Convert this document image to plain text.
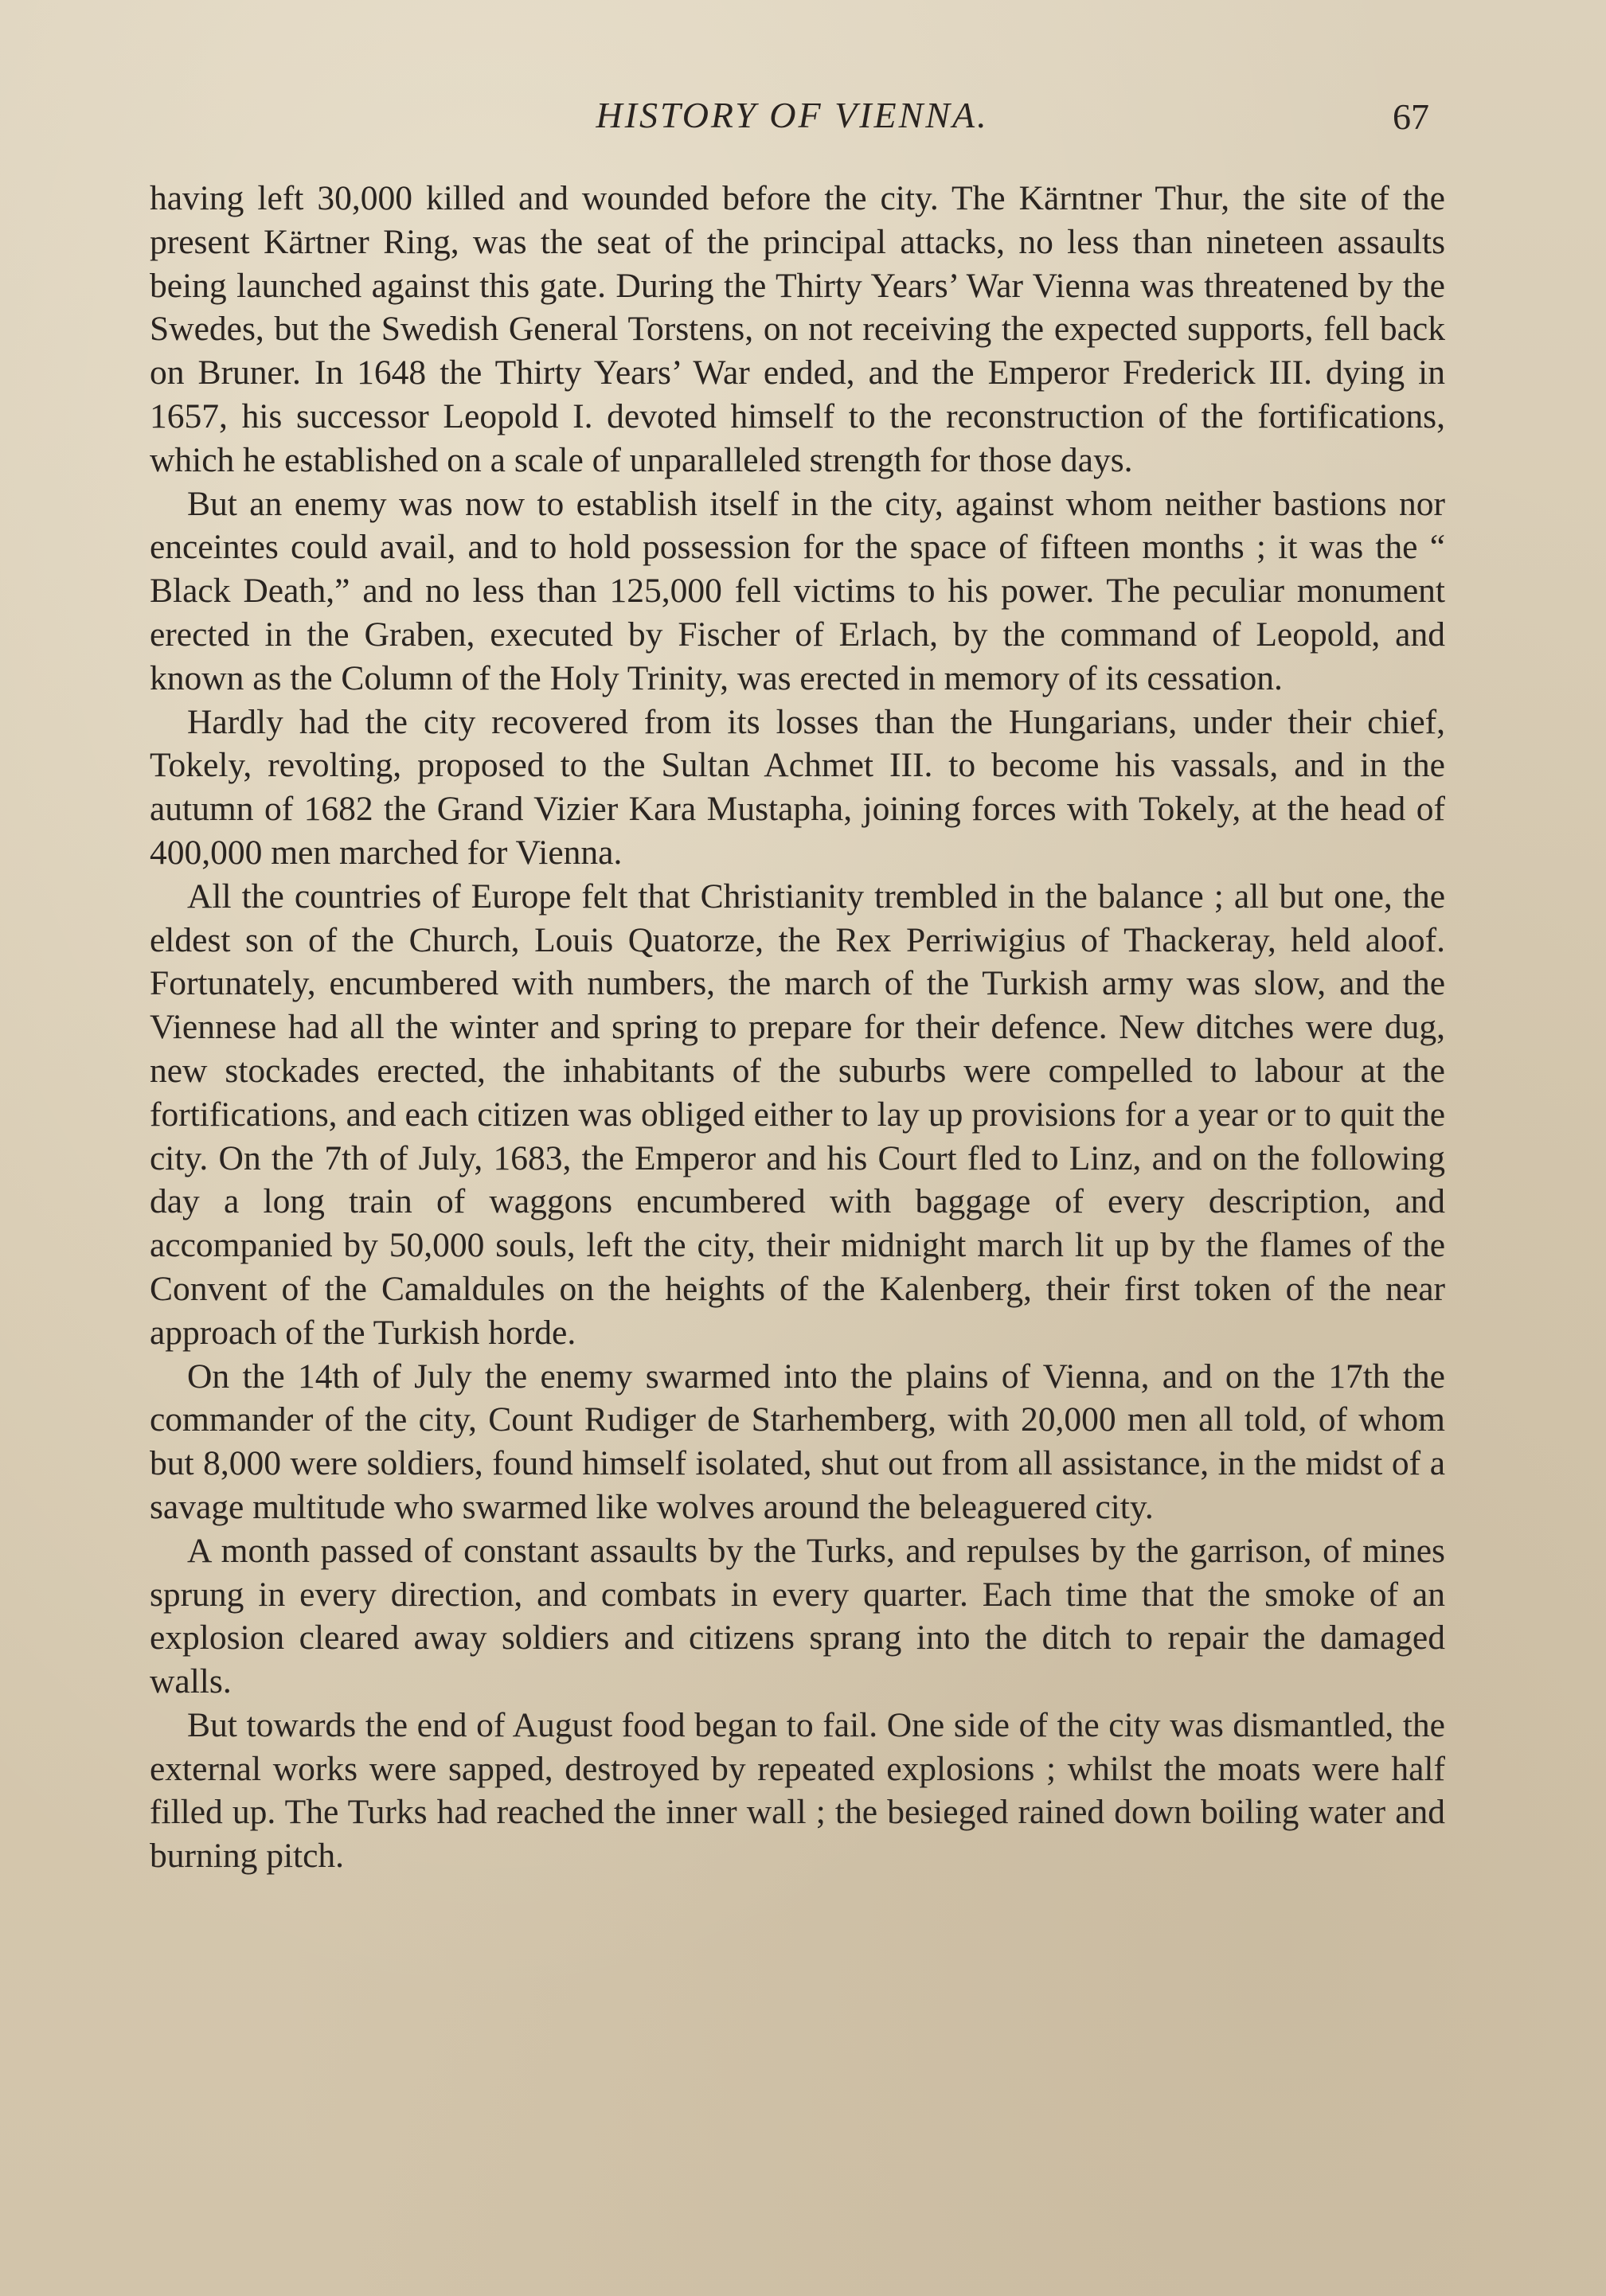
HISTORY OF VIENNA.	67

having left 30,000 killed and wounded before the city. The Kärntner Thur, the site of the present Kärtner Ring, was the seat of the principal attacks, no less than nineteen assaults being launched against this gate. During the Thirty Years’ War Vienna was threatened by the Swedes, but the Swedish General Torstens, on not receiving the expected supports, fell back on Bruner. In 1648 the Thirty Years’ War ended, and the Emperor Frederick III. dying in 1657, his successor Leopold I. devoted himself to the reconstruction of the fortifications, which he established on a scale of unparalleled strength for those days.

But an enemy was now to establish itself in the city, against whom neither bastions nor enceintes could avail, and to hold possession for the space of fifteen months ; it was the “ Black Death,” and no less than 125,000 fell victims to his power. The peculiar monument erected in the Graben, executed by Fischer of Erlach, by the command of Leopold, and known as the Column of the Holy Trinity, was erected in memory of its cessation.

Hardly had the city recovered from its losses than the Hungarians, under their chief, Tokely, revolting, proposed to the Sultan Achmet III. to become his vassals, and in the autumn of 1682 the Grand Vizier Kara Mustapha, joining forces with Tokely, at the head of 400,000 men marched for Vienna.

All the countries of Europe felt that Christianity trembled in the balance ; all but one, the eldest son of the Church, Louis Quatorze, the Rex Perriwigius of Thackeray, held aloof. Fortunately, encumbered with numbers, the march of the Turkish army was slow, and the Viennese had all the winter and spring to prepare for their defence. New ditches were dug, new stockades erected, the inhabitants of the suburbs were compelled to labour at the fortifications, and each citizen was obliged either to lay up provisions for a year or to quit the city. On the 7th of July, 1683, the Emperor and his Court fled to Linz, and on the following day a long train of waggons encumbered with baggage of every description, and accompanied by 50,000 souls, left the city, their midnight march lit up by the flames of the Convent of the Camaldules on the heights of the Kalenberg, their first token of the near approach of the Turkish horde.

On the 14th of July the enemy swarmed into the plains of Vienna, and on the 17th the commander of the city, Count Rudiger de Starhemberg, with 20,000 men all told, of whom but 8,000 were soldiers, found himself isolated, shut out from all assistance, in the midst of a savage multitude who swarmed like wolves around the beleaguered city.

A month passed of constant assaults by the Turks, and repulses by the garrison, of mines sprung in every direction, and combats in every quarter. Each time that the smoke of an explosion cleared away soldiers and citizens sprang into the ditch to repair the damaged walls.

But towards the end of August food began to fail. One side of the city was dismantled, the external works were sapped, destroyed by repeated explosions ; whilst the moats were half filled up. The Turks had reached the inner wall ; the besieged rained down boiling water and burning pitch.
